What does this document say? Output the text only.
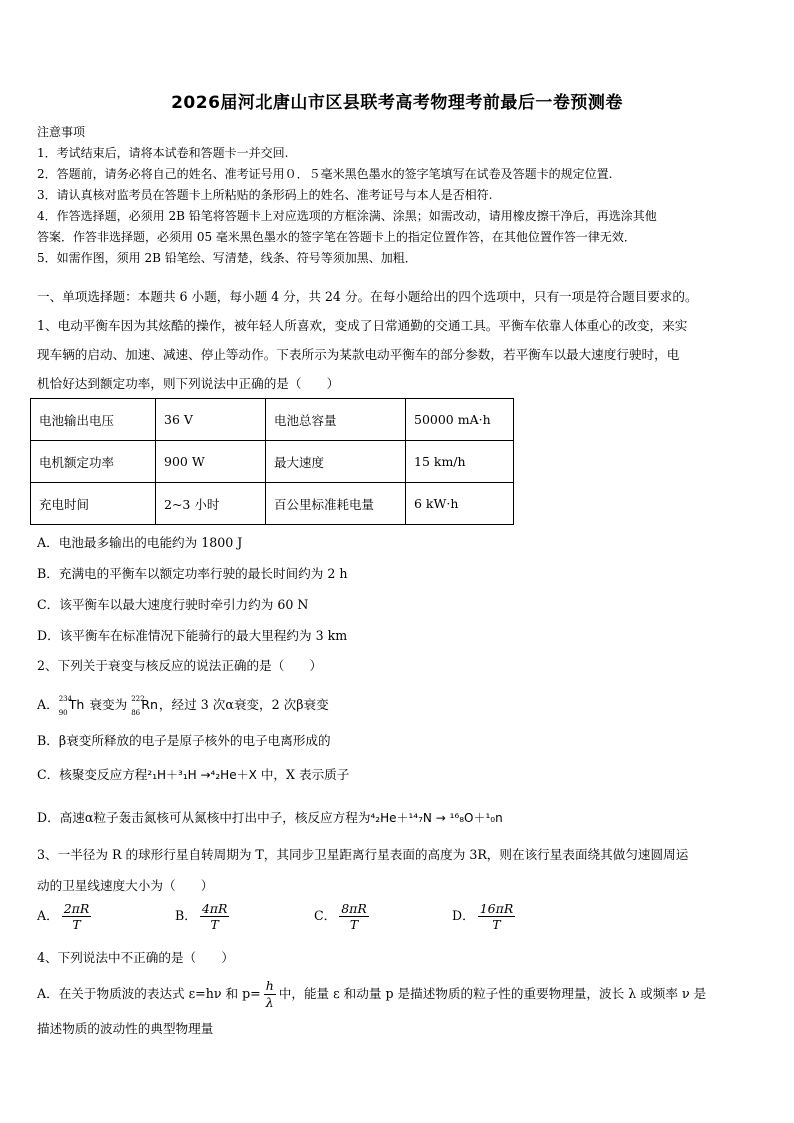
2026届河北唐山市区县联考高考物理考前最后一卷预测卷
注意事项
1．考试结束后，请将本试卷和答题卡一并交回.
2．答题前，请务必将自己的姓名、准考证号用０．５毫米黑色墨水的签字笔填写在试卷及答题卡的规定位置.
3．请认真核对监考员在答题卡上所粘贴的条形码上的姓名、准考证号与本人是否相符.
4．作答选择题，必须用 2B 铅笔将答题卡上对应选项的方框涂满、涂黑；如需改动，请用橡皮擦干净后，再选涂其他
答案．作答非选择题，必须用 05 毫米黑色墨水的签字笔在答题卡上的指定位置作答，在其他位置作答一律无效．
5．如需作图，须用 2B 铅笔绘、写清楚，线条、符号等须加黑、加粗．
一、单项选择题：本题共 6 小题，每小题 4 分，共 24 分。在每小题给出的四个选项中，只有一项是符合题目要求的。
1、电动平衡车因为其炫酷的操作，被年轻人所喜欢，变成了日常通勤的交通工具。平衡车依靠人体重心的改变，来实
现车辆的启动、加速、减速、停止等动作。下表所示为某款电动平衡车的部分参数，若平衡车以最大速度行驶时，电
机恰好达到额定功率，则下列说法中正确的是（　　）
电池输出电压	36 V	电池总容量	50000 mA·h
电机额定功率	900 W	最大速度	15 km/h
充电时间	2~3 小时	百公里标准耗电量	6 kW·h
A．电池最多输出的电能约为 1800 J
B．充满电的平衡车以额定功率行驶的最长时间约为 2 h
C．该平衡车以最大速度行驶时牵引力约为 60 N
D．该平衡车在标准情况下能骑行的最大里程约为 3 km
2、下列关于衰变与核反应的说法正确的是（　　）
A． 234
90
Th 衰变为 222
86
Rn，经过 3 次α衰变，2 次β衰变
B．β衰变所释放的电子是原子核外的电子电离形成的
C．核聚变反应方程²₁H＋³₁H →⁴₂He＋X 中，X 表示质子
D．高速α粒子轰击氮核可从氮核中打出中子，核反应方程为⁴₂He＋¹⁴₇N → ¹⁶₈O＋¹₀n
3、一半径为 R 的球形行星自转周期为 T，其同步卫星距离行星表面的高度为 3R，则在该行星表面绕其做匀速圆周运
动的卫星线速度大小为（　　）
A． $\frac{2\pi R}{T}$	B． $\frac{4\pi R}{T}$	C． $\frac{8\pi R}{T}$	D． $\frac{16\pi R}{T}$
4、下列说法中不正确的是（　　）
A．在关于物质波的表达式 ε=hν 和 $p= \frac{h}{\lambda}$ 中，能量 ε 和动量 p 是描述物质的粒子性的重要物理量，波长 λ 或频率 ν 是
描述物质的波动性的典型物理量
